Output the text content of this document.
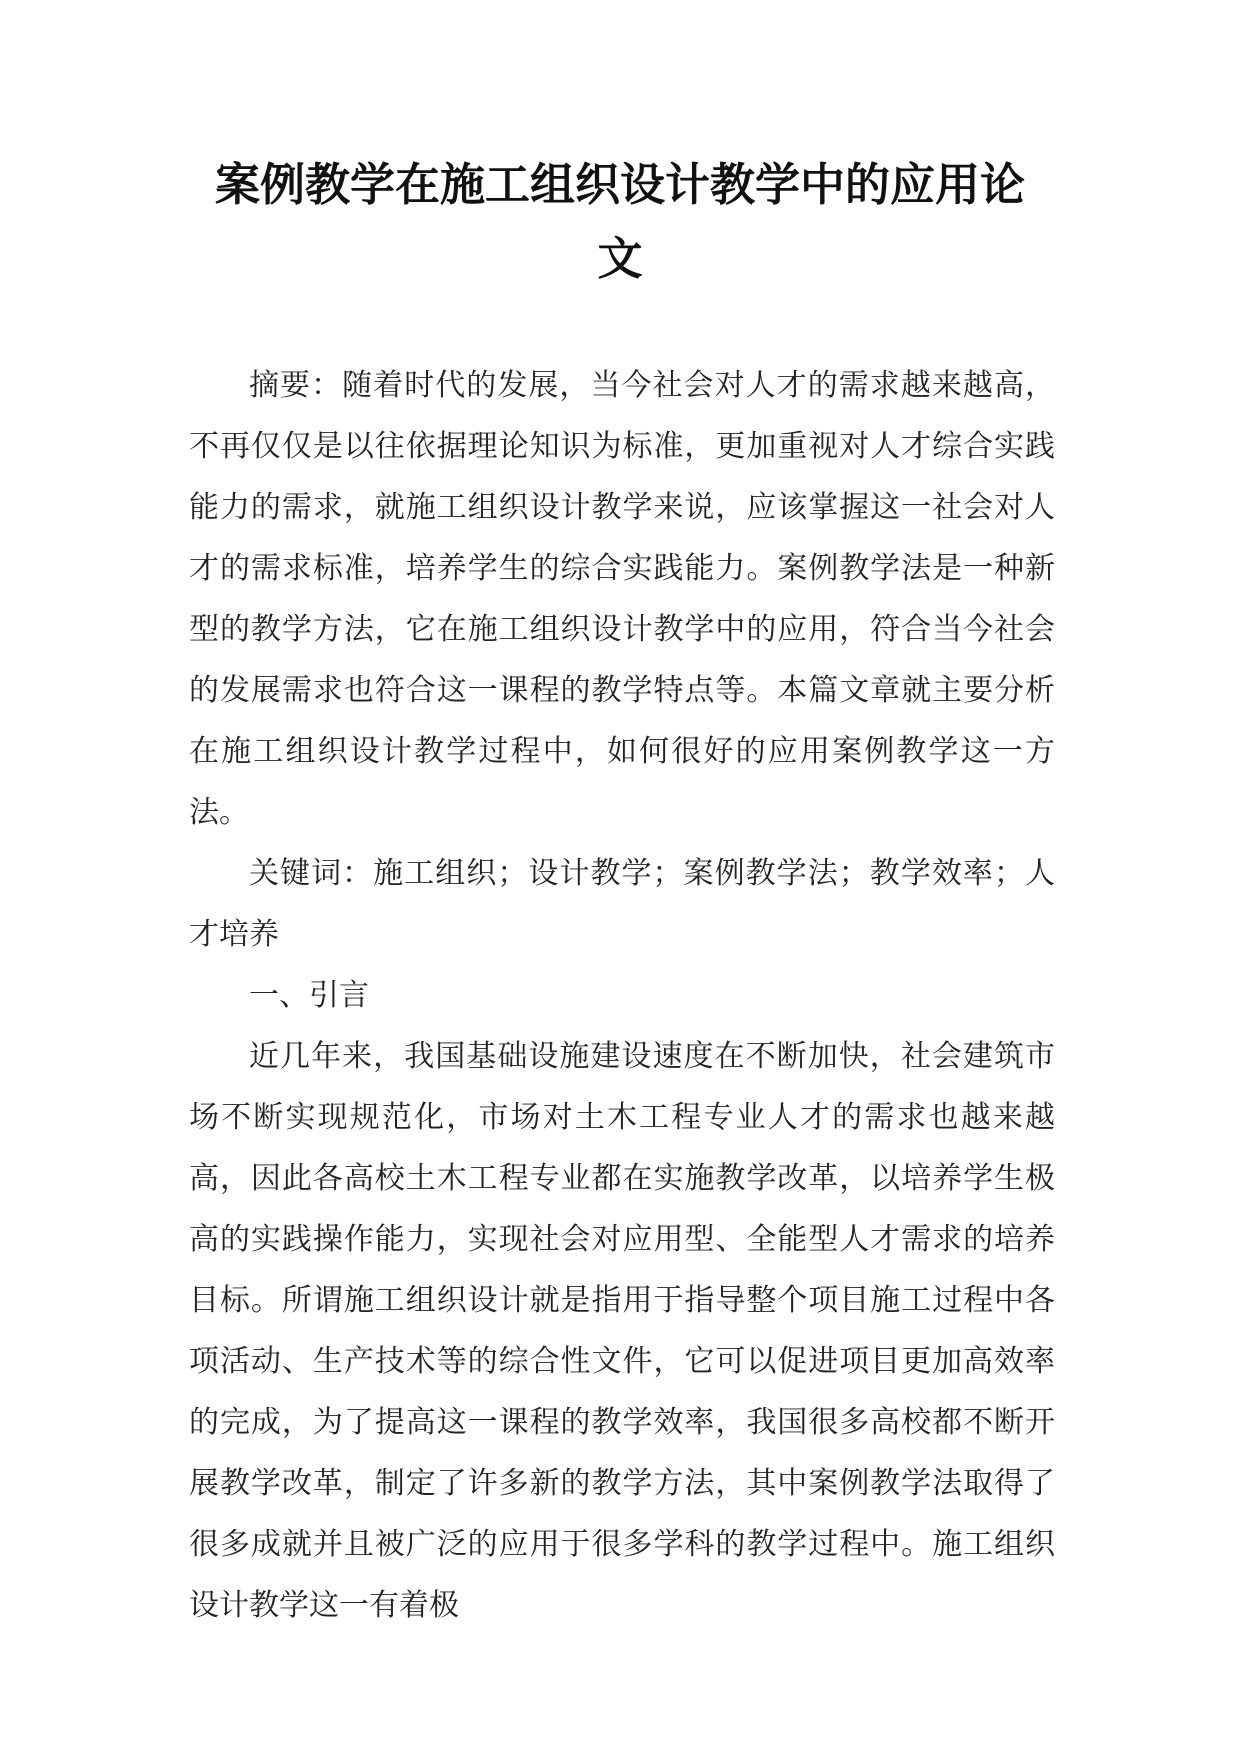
案例教学在施工组织设计教学中的应用论
文

摘要：随着时代的发展，当今社会对人才的需求越来越高，不再仅仅是以往依据理论知识为标准，更加重视对人才综合实践能力的需求，就施工组织设计教学来说，应该掌握这一社会对人才的需求标准，培养学生的综合实践能力。案例教学法是一种新型的教学方法，它在施工组织设计教学中的应用，符合当今社会的发展需求也符合这一课程的教学特点等。本篇文章就主要分析在施工组织设计教学过程中，如何很好的应用案例教学这一方法。

关键词：施工组织；设计教学；案例教学法；教学效率；人才培养

一、引言

近几年来，我国基础设施建设速度在不断加快，社会建筑市场不断实现规范化，市场对土木工程专业人才的需求也越来越高，因此各高校土木工程专业都在实施教学改革，以培养学生极高的实践操作能力，实现社会对应用型、全能型人才需求的培养目标。所谓施工组织设计就是指用于指导整个项目施工过程中各项活动、生产技术等的综合性文件，它可以促进项目更加高效率的完成，为了提高这一课程的教学效率，我国很多高校都不断开展教学改革，制定了许多新的教学方法，其中案例教学法取得了很多成就并且被广泛的应用于很多学科的教学过程中。施工组织设计教学这一有着极
